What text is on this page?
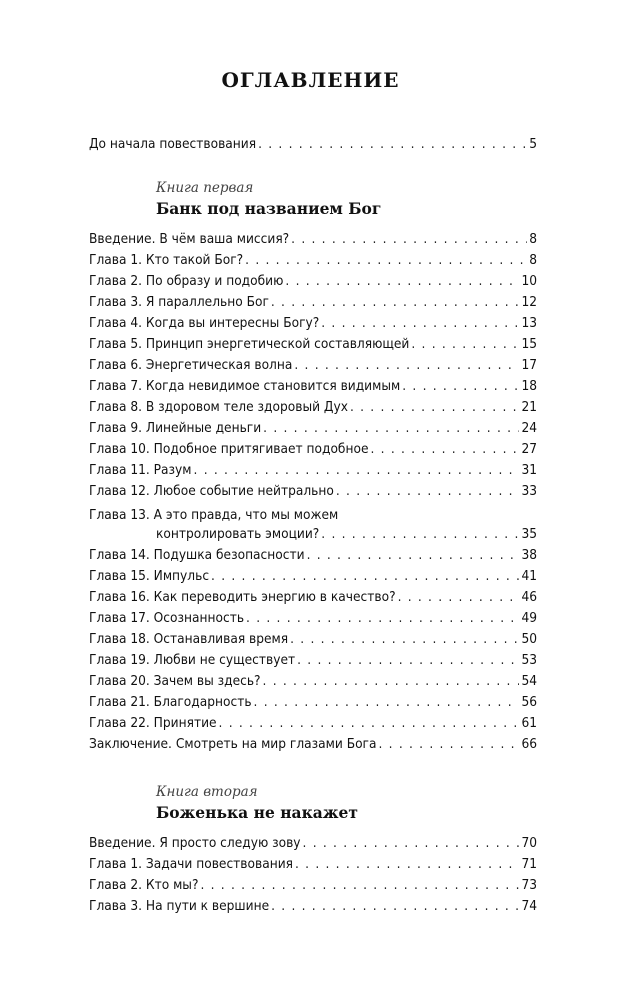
ОГЛАВЛЕНИЕ
До начала повествования . . .	5
Книга первая
Банк под названием Бог
Введение. В чём ваша миссия? . . .	8
Глава 1. Кто такой Бог? . . .	8
Глава 2. По образу и подобию . . .	10
Глава 3. Я параллельно Бог . . .	12
Глава 4. Когда вы интересны Богу? . . .	13
Глава 5. Принцип энергетической составляющей . . .	15
Глава 6. Энергетическая волна . . .	17
Глава 7. Когда невидимое становится видимым . . .	18
Глава 8. В здоровом теле здоровый Дух . . .	21
Глава 9. Линейные деньги . . .	24
Глава 10. Подобное притягивает подобное . . .	27
Глава 11. Разум . . .	31
Глава 12. Любое событие нейтрально . . .	33
Глава 13. А это правда, что мы можем
контролировать эмоции? . . .	35
Глава 14. Подушка безопасности . . .	38
Глава 15. Импульс . . .	41
Глава 16. Как переводить энергию в качество? . . .	46
Глава 17. Осознанность . . .	49
Глава 18. Останавливая время . . .	50
Глава 19. Любви не существует . . .	53
Глава 20. Зачем вы здесь? . . .	54
Глава 21. Благодарность . . .	56
Глава 22. Принятие . . .	61
Заключение. Смотреть на мир глазами Бога . . .	66
Книга вторая
Боженька не накажет
Введение. Я просто следую зову . . .	70
Глава 1. Задачи повествования . . .	71
Глава 2. Кто мы? . . .	73
Глава 3. На пути к вершине . . .	74
